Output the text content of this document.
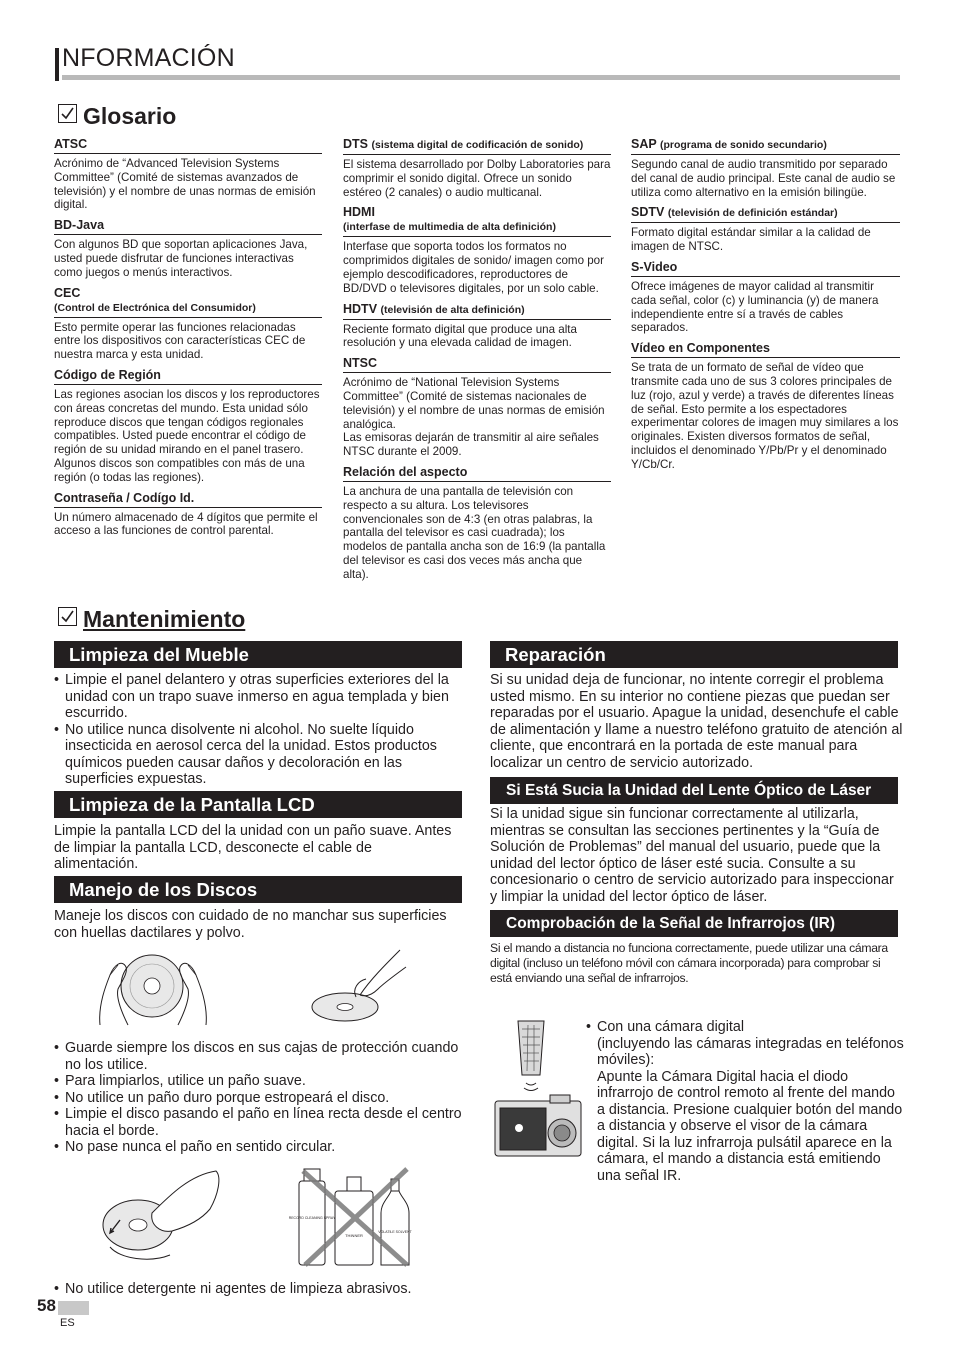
NFORMACIÓN
Glosario
ATSC
Acrónimo de “Advanced Television Systems Committee” (Comité de sistemas avanzados de televisión) y el nombre de unas normas de emisión digital.
BD-Java
Con algunos BD que soportan aplicaciones Java, usted puede disfrutar de funciones interactivas como juegos o menús interactivos.
CEC
(Control de Electrónica del Consumidor)
Esto permite operar las funciones relacionadas entre los dispositivos con características CEC de nuestra marca y esta unidad.
Código de Región
Las regiones asocian los discos y los reproductores con áreas concretas del mundo. Esta unidad sólo reproduce discos que tengan códigos regionales compatibles. Usted puede encontrar el código de región de su unidad mirando en el panel trasero. Algunos discos son compatibles con más de una región (o todas las regiones).
Contraseña / Codígo Id.
Un número almacenado de 4 dígitos que permite el acceso a las funciones de control parental.
DTS (sistema digital de codificación de sonido)
El sistema desarrollado por Dolby Laboratories para comprimir el sonido digital. Ofrece un sonido estéreo (2 canales) o audio multicanal.
HDMI
(interfase de multimedia de alta definición)
Interfase que soporta todos los formatos no comprimidos digitales de sonido/ imagen como por ejemplo descodificadores, reproductores de BD/DVD o televisores digitales, por un solo cable.
HDTV (televisión de alta definición)
Reciente formato digital que produce una alta resolución y una elevada calidad de imagen.
NTSC
Acrónimo de “National Television Systems Committee” (Comité de sistemas nacionales de televisión) y el nombre de unas normas de emisión analógica.
Las emisoras dejarán de transmitir al aire señales NTSC durante el 2009.
Relación del aspecto
La anchura de una pantalla de televisión con respecto a su altura. Los televisores convencionales son de 4:3 (en otras palabras, la pantalla del televisor es casi cuadrada); los modelos de pantalla ancha son de 16:9 (la pantalla del televisor es casi dos veces más ancha que alta).
SAP (programa de sonido secundario)
Segundo canal de audio transmitido por separado del canal de audio principal. Este canal de audio se utiliza como alternativo en la emisión bilingüe.
SDTV (televisión de definición estándar)
Formato digital estándar similar a la calidad de imagen de NTSC.
S-Video
Ofrece imágenes de mayor calidad al transmitir cada señal, color (c) y luminancia (y) de manera independiente entre sí a través de cables separados.
Vídeo en Componentes
Se trata de un formato de señal de vídeo que transmite cada uno de sus 3 colores principales de luz (rojo, azul y verde) a través de diferentes líneas de señal. Esto permite a los espectadores experimentar colores de imagen muy similares a los originales. Existen diversos formatos de señal, incluidos el denominado Y/Pb/Pr y el denominado Y/Cb/Cr.
Mantenimiento
Limpieza del Mueble
• Limpie el panel delantero y otras superficies exteriores del la unidad con un trapo suave inmerso en agua templada y bien escurrido.
• No utilice nunca disolvente ni alcohol. No suelte líquido insecticida en aerosol cerca del la unidad. Estos productos químicos pueden causar daños y decoloración en las superficies expuestas.
Limpieza de la Pantalla LCD
Limpie la pantalla LCD del la unidad con un paño suave. Antes de limpiar la pantalla LCD, desconecte el cable de alimentación.
Manejo de los Discos
Maneje los discos con cuidado de no manchar sus superficies con huellas dactilares y polvo.
• Guarde siempre los discos en sus cajas de protección cuando no los utilice.
• Para limpiarlos, utilice un paño suave.
• No utilice un paño duro porque estropeará el disco.
• Limpie el disco pasando el paño en línea recta desde el centro hacia el borde.
• No pase nunca el paño en sentido circular.
RECORD CLEANING SPRAY
THINNER
VOLATILE SOLVENT
• No utilice detergente ni agentes de limpieza abrasivos.
Reparación
Si su unidad deja de funcionar, no intente corregir el problema usted mismo. En su interior no contiene piezas que puedan ser reparadas por el usuario. Apague la unidad, desenchufe el cable de alimentación y llame a nuestro teléfono gratuito de atención al cliente, que encontrará en la portada de este manual para localizar un centro de servicio autorizado.
Si Está Sucia la Unidad del Lente Óptico de Láser
Si la unidad sigue sin funcionar correctamente al utilizarla, mientras se consultan las secciones pertinentes y la “Guía de Solución de Problemas” del manual del usuario, puede que la unidad del lector óptico de láser esté sucia. Consulte a su concesionario o centro de servicio autorizado para inspeccionar y limpiar la unidad del lector óptico de láser.
Comprobación de la Señal de Infrarrojos (IR)
Si el mando a distancia no funciona correctamente, puede utilizar una cámara digital (incluso un teléfono móvil con cámara incorporada) para comprobar si está enviando una señal de infrarrojos.
• Con una cámara digital
(incluyendo las cámaras integradas en teléfonos móviles):
Apunte la Cámara Digital hacia el diodo infrarrojo de control remoto al frente del mando a distancia. Presione cualquier botón del mando a distancia y observe el visor de la cámara digital. Si la luz infrarroja pulsátil aparece en la cámara, el mando a distancia está emitiendo una señal IR.
58
ES
